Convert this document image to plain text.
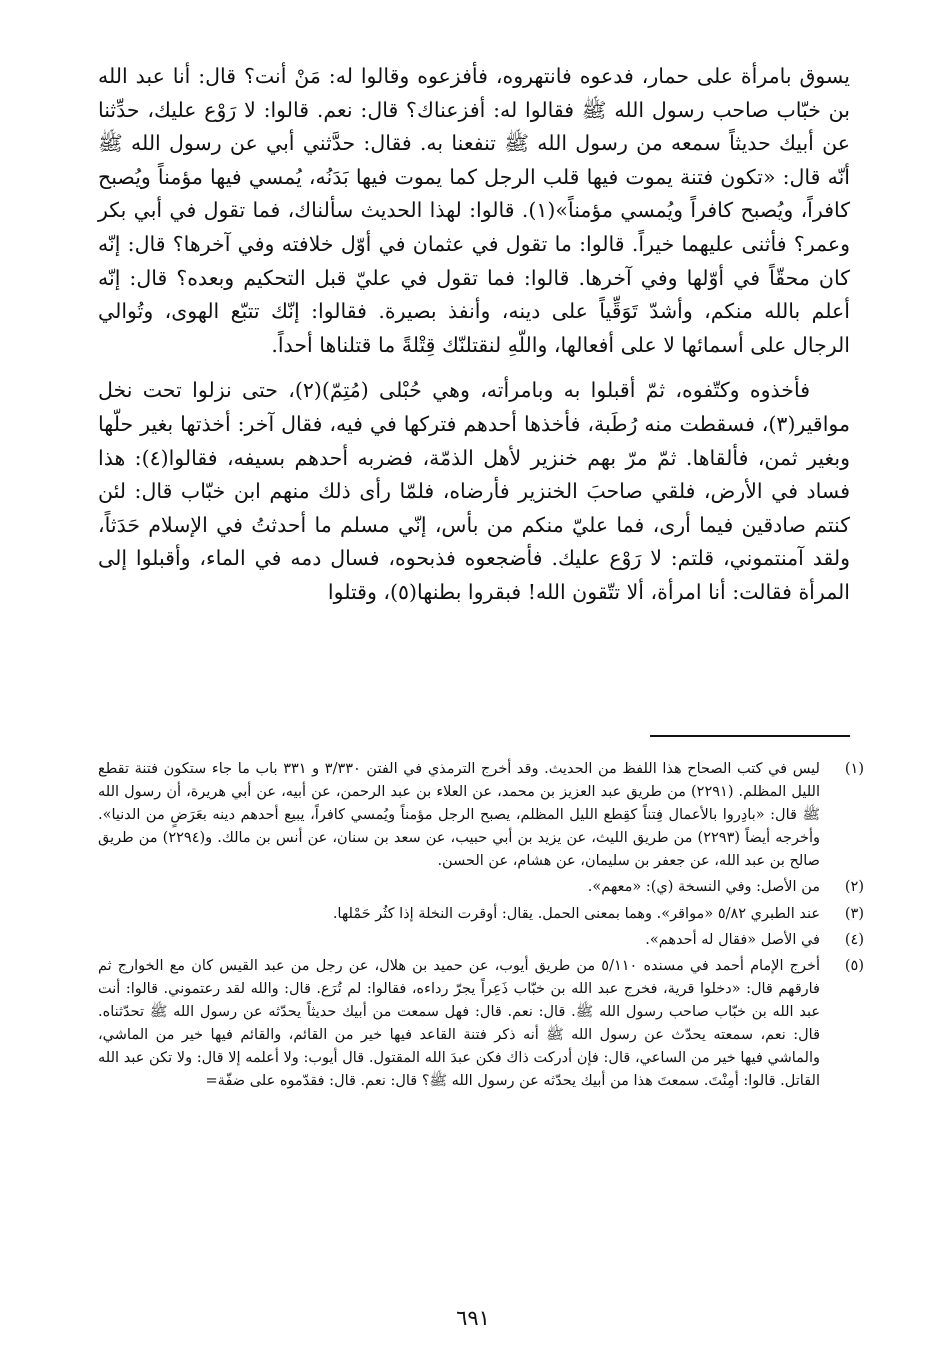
يسوق بامرأة على حمار، فدعوه فانتهروه، فأفزعوه وقالوا له: مَنْ أنت؟ قال: أنا عبد الله بن خبّاب صاحب رسول الله ﷺ فقالوا له: أفزعناك؟ قال: نعم. قالوا: لا رَوْع عليك، حدِّثنا عن أبيك حديثاً سمعه من رسول الله ﷺ تنفعنا به. فقال: حدَّثني أبي عن رسول الله ﷺ أنّه قال: «تكون فتنة يموت فيها قلب الرجل كما يموت فيها بَدَنُه، يُمسي فيها مؤمناً ويُصبح كافراً، ويُصبح كافراً ويُمسي مؤمناً»(١). قالوا: لهذا الحديث سألناك، فما تقول في أبي بكر وعمر؟ فأثنى عليهما خيراً. قالوا: ما تقول في عثمان في أوّل خلافته وفي آخرها؟ قال: إنّه كان محقّاً في أوّلها وفي آخرها. قالوا: فما تقول في عليّ قبل التحكيم وبعده؟ قال: إنّه أعلم بالله منكم، وأشدّ تَوَقِّياً على دينه، وأنفذ بصيرة. فقالوا: إنّك تتبّع الهوى، وتُوالي الرجال على أسمائها لا على أفعالها، واللّهِ لنقتلنّك قِتْلةً ما قتلناها أحداً.

فأخذوه وكتّفوه، ثمّ أقبلوا به وبامرأته، وهي حُبْلى (مُتِمّ)(٢)، حتى نزلوا تحت نخل مواقير(٣)، فسقطت منه رُطَبة، فأخذها أحدهم فتركها في فيه، فقال آخر: أخذتها بغير حلّها وبغير ثمن، فألقاها. ثمّ مرّ بهم خنزير لأهل الذمّة، فضربه أحدهم بسيفه، فقالوا(٤): هذا فساد في الأرض، فلقي صاحبَ الخنزير فأرضاه، فلمّا رأى ذلك منهم ابن خبّاب قال: لئن كنتم صادقين فيما أرى، فما عليّ منكم من بأس، إنّي مسلم ما أحدثتُ في الإسلام حَدَثاً، ولقد آمنتموني، قلتم: لا رَوْع عليك. فأضجعوه فذبحوه، فسال دمه في الماء، وأقبلوا إلى المرأة فقالت: أنا امرأة، ألا تتّقون الله! فبقروا بطنها(٥)، وقتلوا

(١)
ليس في كتب الصحاح هذا اللفظ من الحديث. وقد أخرج الترمذي في الفتن ٣/٣٣٠ و ٣٣١ باب ما جاء ستكون فتنة تقطع الليل المظلم. (٢٢٩١) من طريق عبد العزيز بن محمد، عن العلاء بن عبد الرحمن، عن أبيه، عن أبي هريرة، أن رسول الله ﷺ قال: «بادِروا بالأعمال فِتناً كقِطع الليل المظلم، يصبح الرجل مؤمناً ويُمسي كافراً، يبيع أحدهم دينه بعَرَضٍ من الدنيا». وأخرجه أيضاً (٢٢٩٣) من طريق الليث، عن يزيد بن أبي حبيب، عن سعد بن سنان، عن أنس بن مالك. و(٢٢٩٤) من طريق صالح بن عبد الله، عن جعفر بن سليمان، عن هشام، عن الحسن.
(٢)
من الأصل: وفي النسخة (ي): «معهم».
(٣)
عند الطبري ٥/٨٢ «مواقر». وهما بمعنى الحمل. يقال: أوقرت النخلة إذا كثُر حَمْلها.
(٤)
في الأصل «فقال له أحدهم».
(٥)
أخرج الإمام أحمد في مسنده ٥/١١٠ من طريق أيوب، عن حميد بن هلال، عن رجل من عبد القيس كان مع الخوارج ثم فارقهم قال: «دخلوا قرية، فخرج عبد الله بن خبّاب ذَعِراً يجرّ رداءه، فقالوا: لم تُرَع. قال: والله لقد رعتموني. قالوا: أنت عبد الله بن خبّاب صاحب رسول الله ﷺ. قال: نعم. قال: فهل سمعت من أبيك حديثاً يحدّثه عن رسول الله ﷺ تحدّثناه. قال: نعم، سمعته يحدّث عن رسول الله ﷺ أنه ذكر فتنة القاعد فيها خير من القائم، والقائم فيها خير من الماشي، والماشي فيها خير من الساعي، قال: فإن أدركت ذاك فكن عبدَ الله المقتول. قال أيوب: ولا أعلمه إلا قال: ولا تكن عبد الله القاتل. قالوا: أمِنْتَ. سمعتَ هذا من أبيك يحدّثه عن رسول الله ﷺ؟ قال: نعم. قال: فقدّموه على ضفّة=
٦٩١
